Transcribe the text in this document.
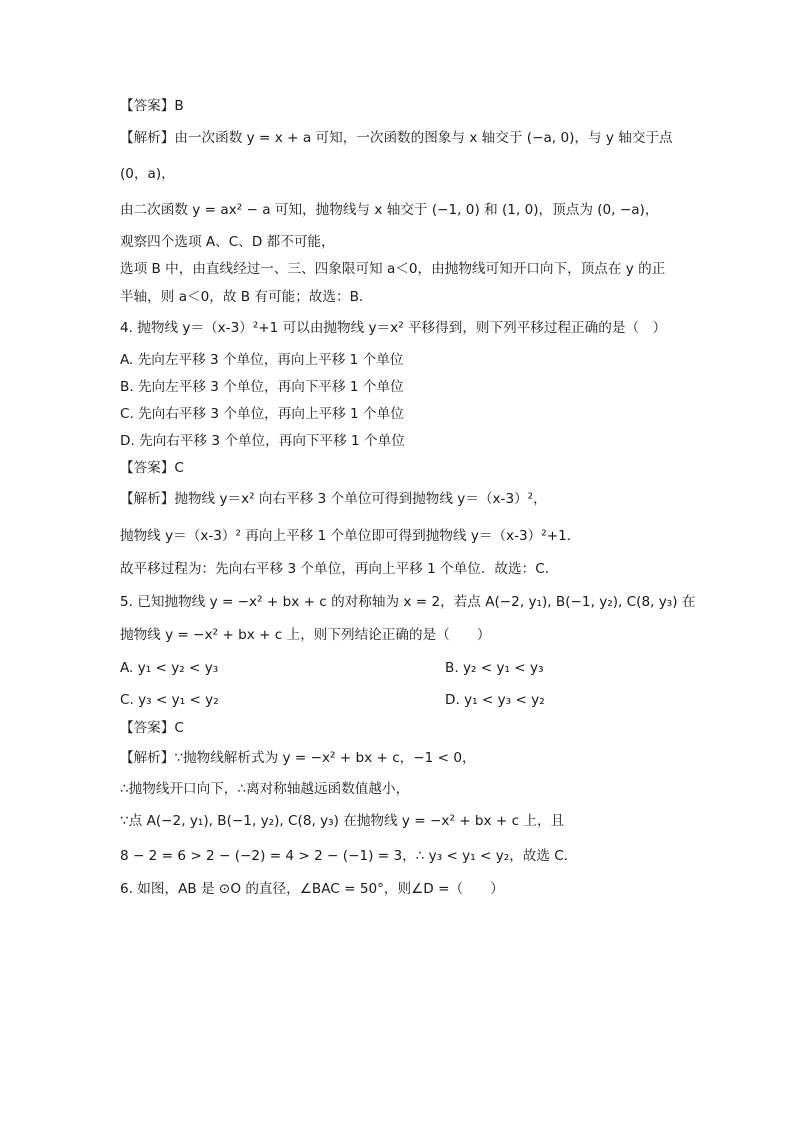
【答案】B
【解析】由一次函数 y = x + a 可知，一次函数的图象与 x 轴交于 (−a, 0)，与 y 轴交于点
(0，a)，
由二次函数 y = ax² − a 可知，抛物线与 x 轴交于 (−1, 0) 和 (1, 0)，顶点为 (0, −a)，
观察四个选项 A、C、D 都不可能，
选项 B 中，由直线经过一、三、四象限可知 a＜0，由抛物线可知开口向下，顶点在 y 的正
半轴，则 a＜0，故 B 有可能；故选：B．
4. 抛物线 y＝（x-3）²+1 可以由抛物线 y＝x² 平移得到，则下列平移过程正确的是（　）
A. 先向左平移 3 个单位，再向上平移 1 个单位
B. 先向左平移 3 个单位，再向下平移 1 个单位
C. 先向右平移 3 个单位，再向上平移 1 个单位
D. 先向右平移 3 个单位，再向下平移 1 个单位
【答案】C
【解析】抛物线 y＝x² 向右平移 3 个单位可得到抛物线 y＝（x-3）²，
抛物线 y＝（x-3）² 再向上平移 1 个单位即可得到抛物线 y＝（x-3）²+1．
故平移过程为：先向右平移 3 个单位，再向上平移 1 个单位．故选：C．
5. 已知抛物线 y = −x² + bx + c 的对称轴为 x = 2，若点 A(−2, y₁), B(−1, y₂), C(8, y₃) 在
抛物线 y = −x² + bx + c 上，则下列结论正确的是（　　）
A. y₁ < y₂ < y₃	B. y₂ < y₁ < y₃
C. y₃ < y₁ < y₂	D. y₁ < y₃ < y₂
【答案】C
【解析】∵抛物线解析式为 y = −x² + bx + c，−1 < 0，
∴抛物线开口向下，∴离对称轴越远函数值越小，
∵点 A(−2, y₁), B(−1, y₂), C(8, y₃) 在抛物线 y = −x² + bx + c 上，且
8 − 2 = 6 > 2 − (−2) = 4 > 2 − (−1) = 3，∴ y₃ < y₁ < y₂，故选 C．
6. 如图，AB 是 ⊙O 的直径，∠BAC = 50°，则∠D =（　　）
